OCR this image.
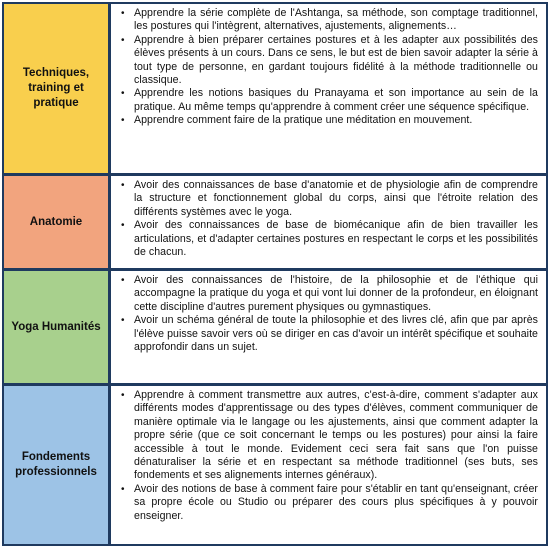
Techniques, training et pratique
• Apprendre la série complète de l'Ashtanga, sa méthode, son comptage traditionnel, les postures qui l'intègrent, alternatives, ajustements, alignements…
• Apprendre à bien préparer certaines postures et à les adapter aux possibilités des élèves présents à un cours. Dans ce sens, le but est de bien savoir adapter la série à tout type de personne, en gardant toujours fidélité à la méthode traditionnelle ou classique.
• Apprendre les notions basiques du Pranayama et son importance au sein de la pratique. Au même temps qu'apprendre à comment créer une séquence spécifique.
• Apprendre comment faire de la pratique une méditation en mouvement.
Anatomie
• Avoir des connaissances de base d'anatomie et de physiologie afin de comprendre la structure et fonctionnement global du corps, ainsi que l'étroite relation des différents systèmes avec le yoga.
• Avoir des connaissances de base de biomécanique afin de bien travailler les articulations, et d'adapter certaines postures en respectant le corps et les possibilités de chacun.
Yoga Humanités
• Avoir des connaissances de l'histoire, de la philosophie et de l'éthique qui accompagne la pratique du yoga et qui vont lui donner de la profondeur, en éloignant cette discipline d'autres purement physiques ou gymnastiques.
• Avoir un schéma général de toute la philosophie et des livres clé, afin que par après l'élève puisse savoir vers où se diriger en cas d'avoir un intérêt spécifique et souhaite approfondir dans un sujet.
Fondements professionnels
• Apprendre à comment transmettre aux autres, c'est-à-dire, comment s'adapter aux différents modes d'apprentissage ou des types d'élèves, comment communiquer de manière optimale via le langage ou les ajustements, ainsi que comment adapter la propre série (que ce soit concernant le temps ou les postures) pour ainsi la faire accessible à tout le monde. Evidement ceci sera fait sans que l'on puisse dénaturaliser la série et en respectant sa méthode traditionnel (ses buts, ses fondements et ses alignements internes généraux).
• Avoir des notions de base à comment faire pour s'établir en tant qu'enseignant, créer sa propre école ou Studio ou préparer des cours plus spécifiques à y pouvoir enseigner.
